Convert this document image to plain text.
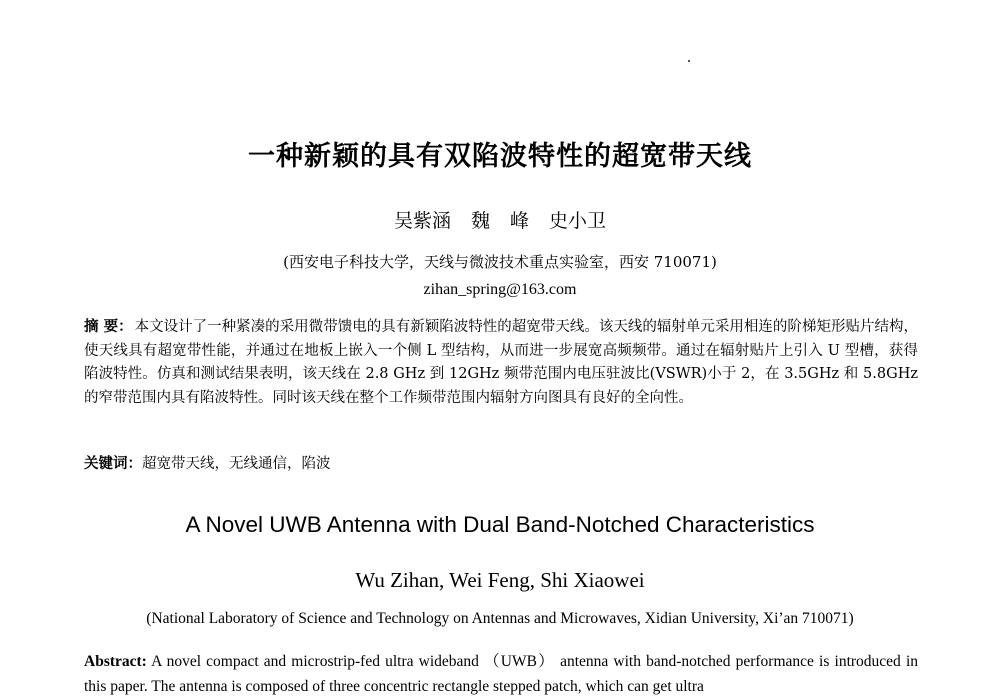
一种新颖的具有双陷波特性的超宽带天线
吴紫涵 魏 峰 史小卫
(西安电子科技大学，天线与微波技术重点实验室，西安 710071)
zihan_spring@163.com
摘 要： 本文设计了一种紧凑的采用微带馈电的具有新颖陷波特性的超宽带天线。该天线的辐射单元采用相连的阶梯矩形贴片结构，使天线具有超宽带性能，并通过在地板上嵌入一个侧 L 型结构，从而进一步展宽高频频带。通过在辐射贴片上引入 U 型槽，获得陷波特性。仿真和测试结果表明，该天线在 2.8 GHz 到 12GHz 频带范围内电压驻波比(VSWR)小于 2，在 3.5GHz 和 5.8GHz 的窄带范围内具有陷波特性。同时该天线在整个工作频带范围内辐射方向图具有良好的全向性。
关键词：超宽带天线，无线通信，陷波
A Novel UWB Antenna with Dual Band-Notched Characteristics
Wu Zihan, Wei Feng, Shi Xiaowei
(National Laboratory of Science and Technology on Antennas and Microwaves, Xidian University, Xi’an 710071)
Abstract: A novel compact and microstrip-fed ultra wideband （UWB） antenna with band-notched performance is introduced in this paper. The antenna is composed of three concentric rectangle stepped patch, which can get ultra
